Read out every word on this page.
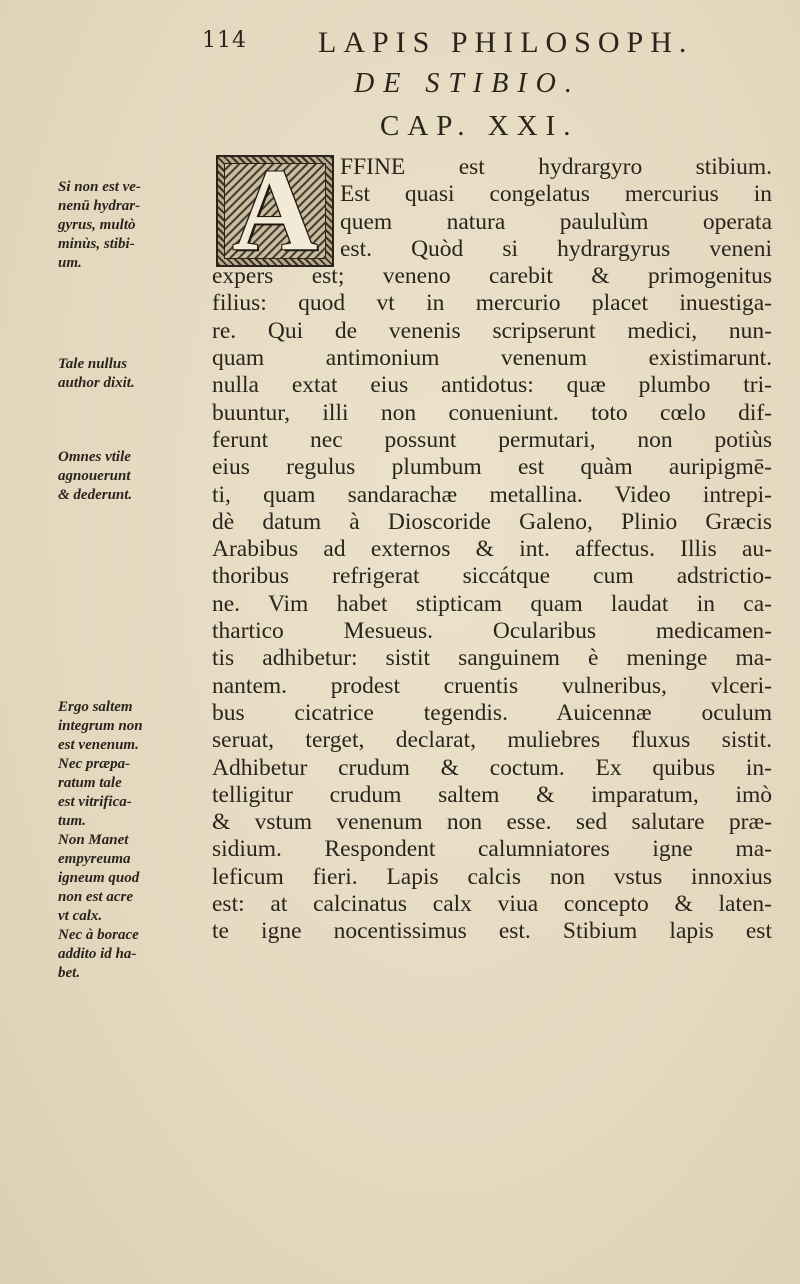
114 LAPIS PHILOSOPH.
DE STIBIO.
CAP. XXI.
A FFINE est hydrargyro stibium.
Est quasi congelatus mercurius in
quem natura paululùm operata
est. Quòd si hydrargyrus veneni
expers est; veneno carebit & primogenitus
filius: quod vt in mercurio placet inuestiga-
re. Qui de venenis scripserunt medici, nun-
quam antimonium venenum existimarunt.
nulla extat eius antidotus: quæ plumbo tri-
buuntur, illi non conueniunt. toto cœlo dif-
ferunt nec possunt permutari, non potiùs
eius regulus plumbum est quàm auripigmē-
ti, quam sandarachæ metallina. Video intrepi-
dè datum à Dioscoride Galeno, Plinio Græcis
Arabibus ad externos & int. affectus. Illis au-
thoribus refrigerat siccátque cum adstrictio-
ne. Vim habet stipticam quam laudat in ca-
thartico Mesueus. Ocularibus medicamen-
tis adhibetur: sistit sanguinem è meninge ma-
nantem. prodest cruentis vulneribus, vlceri-
bus cicatrice tegendis. Auicennæ oculum
seruat, terget, declarat, muliebres fluxus sistit.
Adhibetur crudum & coctum. Ex quibus in-
telligitur crudum saltem & imparatum, imò
& vstum venenum non esse. sed salutare præ-
sidium. Respondent calumniatores igne ma-
leficum fieri. Lapis calcis non vstus innoxius
est: at calcinatus calx viua concepto & laten-
te igne nocentissimus est. Stibium lapis est
Si non est ve-
nenū hydrar-
gyrus, multò
minùs, stibi-
um.
Tale nullus
author dixit.
Omnes vtile
agnouerunt
& dederunt.
Ergo saltem
integrum non
est venenum.
Nec præpa-
ratum tale
est vitrifica-
tum.
Non Manet
empyreuma
igneum quod
non est acre
vt calx.
Nec à borace
addito id ha-
bet.
